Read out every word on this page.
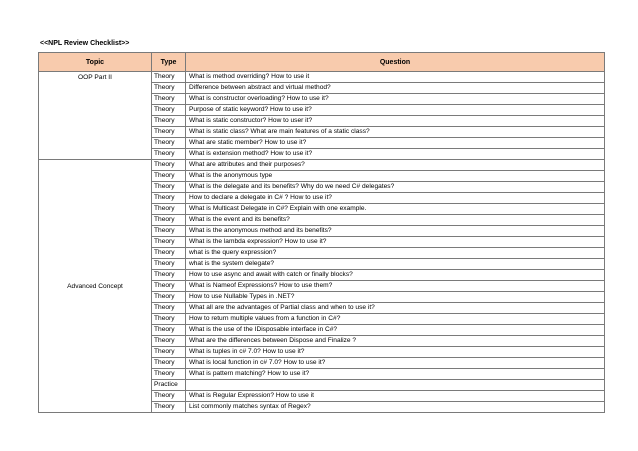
<<NPL Review Checklist>>
Topic	Type	Question
OOP Part II	Theory	What is method overriding? How to use it
	Theory	Difference between abstract and virtual method?
	Theory	What is constructor overloading? How to use it?
	Theory	Purpose of static keyword? How to use it?
	Theory	What is static constructor? How to user it?
	Theory	What is static class? What are main features of a static class?
	Theory	What are static member? How to use it?
	Theory	What is extension method? How to use it?
Advanced Concept	Theory	What are attributes and their purposes?
	Theory	What is the anonymous type
	Theory	What is the delegate and its benefits? Why do we need C# delegates?
	Theory	How to declare a delegate in C# ? How to use it?
	Theory	What is Multicast Delegate in C#? Explain with one example.
	Theory	What is the event and its benefits?
	Theory	What is the anonymous method and its benefits?
	Theory	What is the lambda expression? How to use it?
	Theory	what is the query expression?
	Theory	what is the system delegate?
	Theory	How to use async and await with catch or finally blocks?
	Theory	What is Nameof Expressions? How to use them?
	Theory	How to use Nullable Types in .NET?
	Theory	What all are the advantages of Partial class and when to use it?
	Theory	How to return multiple values from a function in C#?
	Theory	What is the use of the IDisposable interface in C#?
	Theory	What are the differences between Dispose and Finalize ?
	Theory	What is tuples in c# 7.0? How to use it?
	Theory	What is local function in c# 7.0? How to use it?
	Theory	What is pattern matching? How to use it?
	Practice	
	Theory	What is Regular Expression? How to use it
	Theory	List commonly matches syntax of Regex?
